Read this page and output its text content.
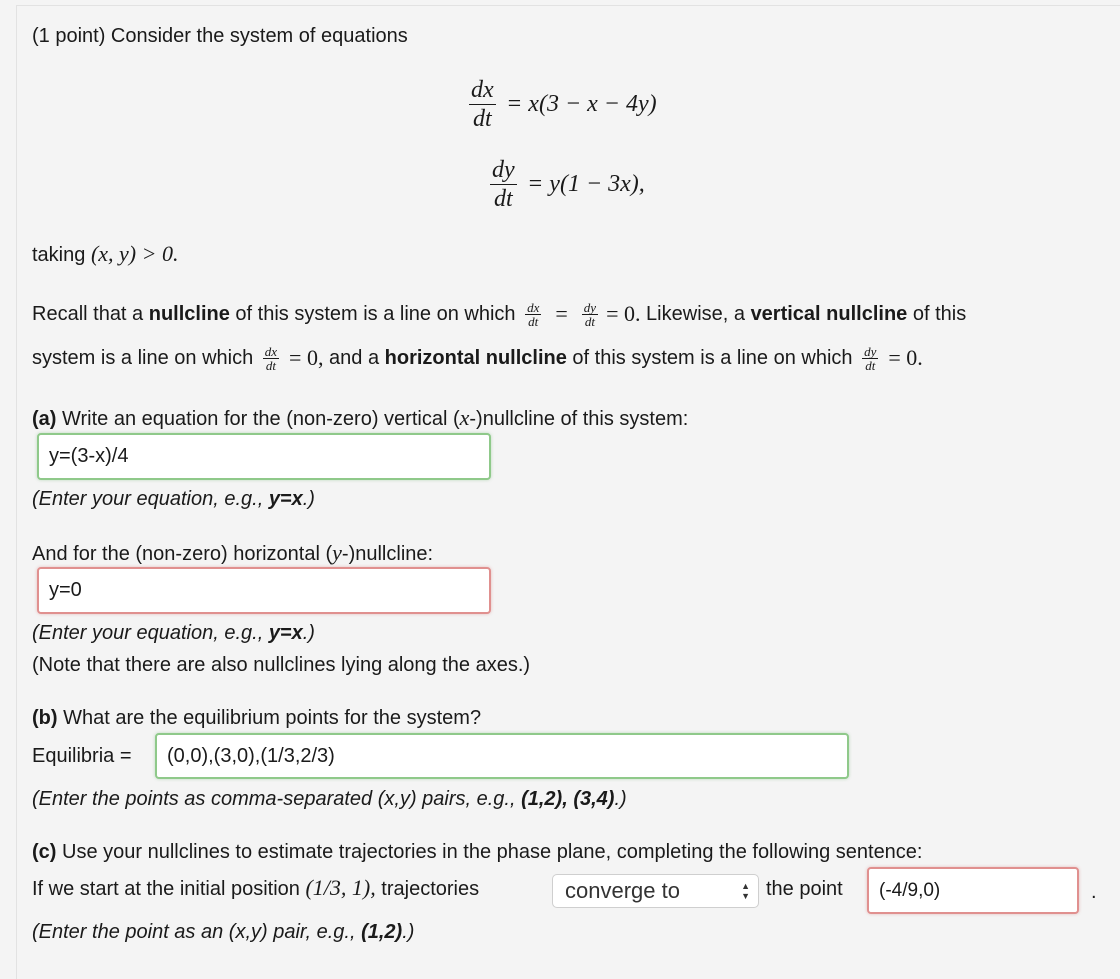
(1 point) Consider the system of equations
$\frac{dx}{dt} = x(3 - x - 4y)$
$\frac{dy}{dt} = y(1 - 3x)$,
taking (x, y) > 0.
Recall that a nullcline of this system is a line on which $\frac{dx}{dt} = \frac{dy}{dt} = 0$. Likewise, a vertical nullcline of this
system is a line on which $\frac{dx}{dt} = 0$, and a horizontal nullcline of this system is a line on which $\frac{dy}{dt} = 0$.
(a) Write an equation for the (non-zero) vertical (x-)nullcline of this system:
y=(3-x)/4
(Enter your equation, e.g., y=x.)
And for the (non-zero) horizontal (y-)nullcline:
y=0
(Enter your equation, e.g., y=x.)
(Note that there are also nullclines lying along the axes.)
(b) What are the equilibrium points for the system?
Equilibria =	(0,0),(3,0),(1/3,2/3)
(Enter the points as comma-separated (x,y) pairs, e.g., (1,2), (3,4).)
(c) Use your nullclines to estimate trajectories in the phase plane, completing the following sentence:
If we start at the initial position (1/3, 1), trajectories	converge to	▲
▼ the point	(-4/9,0)	.
(Enter the point as an (x,y) pair, e.g., (1,2).)
